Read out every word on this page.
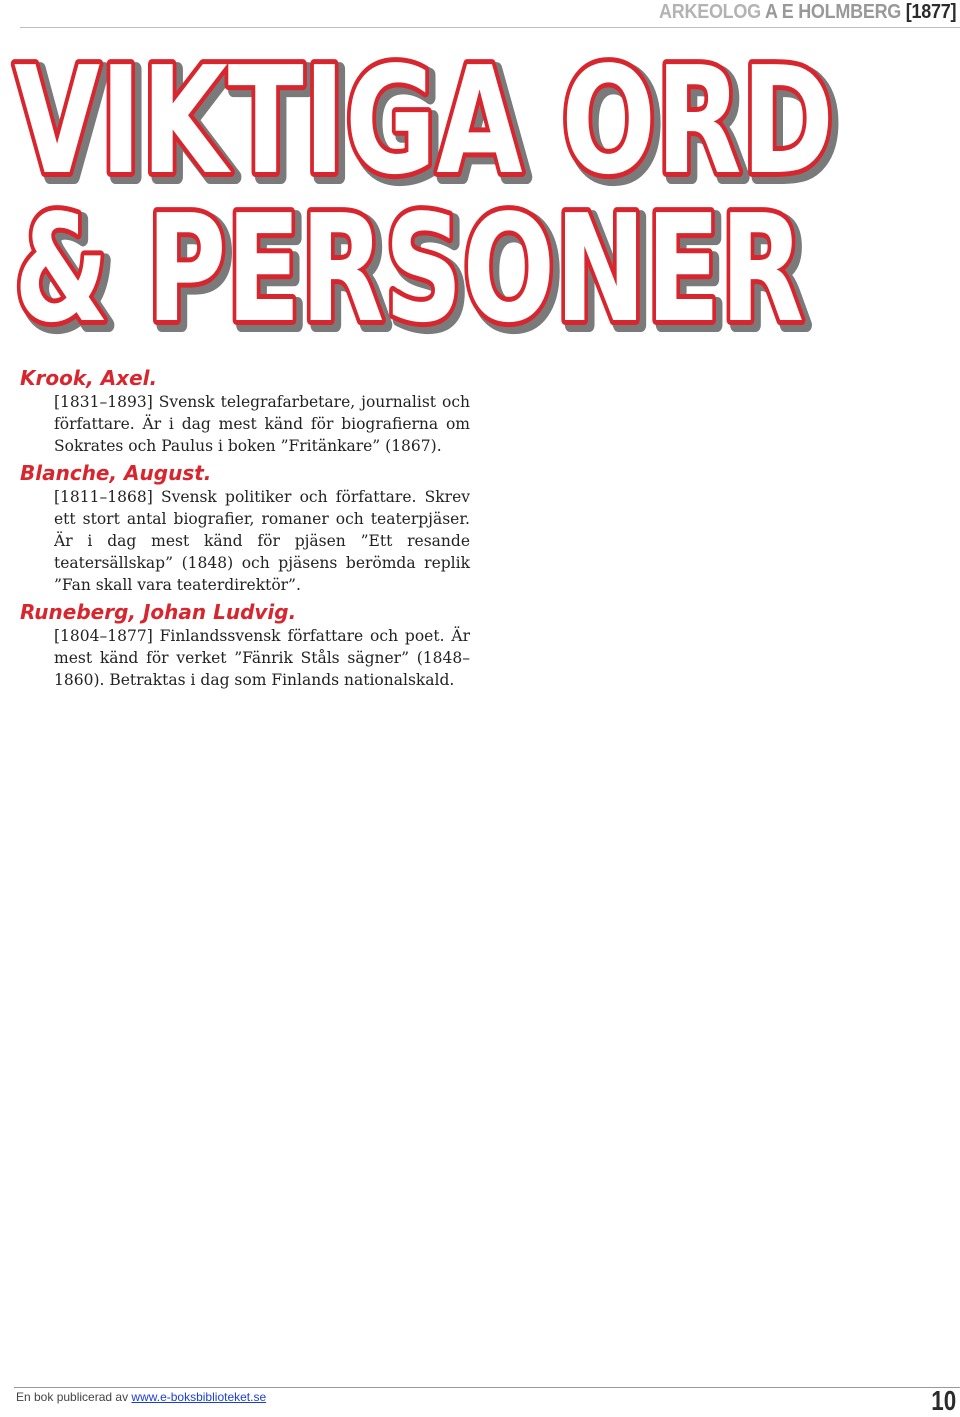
ARKEOLOG A E HOLMBERG [1877]
VIKTIGA ORD
& PERSONER
VIKTIGA ORD
& PERSONER
VIKTIGA ORD
& PERSONER

Krook, Axel.

[1831–1893] Svensk telegrafarbetare, journalist och författare. Är i dag mest känd för biografierna om Sokrates och Paulus i boken ”Fritänkare” (1867).

Blanche, August.

[1811–1868] Svensk politiker och författare. Skrev ett stort antal biografier, romaner och teaterpjäser. Är i dag mest känd för pjäsen ”Ett resande teatersällskap” (1848) och pjäsens berömda replik ”Fan skall vara teaterdirektör”.

Runeberg, Johan Ludvig.

[1804–1877] Finlandssvensk författare och poet. Är mest känd för verket ”Fänrik Ståls sägner” (1848–1860). Betraktas i dag som Finlands nationalskald.

En bok publicerad av www.e-boksbiblioteket.se	10
